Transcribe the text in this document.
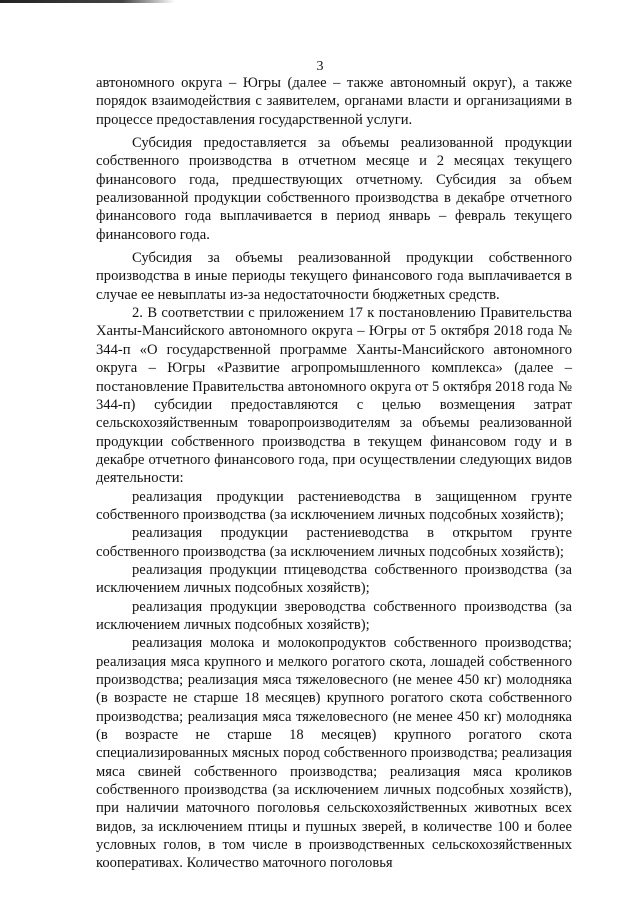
3

автономного округа – Югры (далее – также автономный округ), а также порядок взаимодействия с заявителем, органами власти и организациями в процессе предоставления государственной услуги.

Субсидия предоставляется за объемы реализованной продукции собственного производства в отчетном месяце и 2 месяцах текущего финансового года, предшествующих отчетному. Субсидия за объем реализованной продукции собственного производства в декабре отчетного финансового года выплачивается в период январь – февраль текущего финансового года.

Субсидия за объемы реализованной продукции собственного производства в иные периоды текущего финансового года выплачивается в случае ее невыплаты из-за недостаточности бюджетных средств.

2. В соответствии с приложением 17 к постановлению Правительства Ханты-Мансийского автономного округа – Югры от 5 октября 2018 года № 344-п «О государственной программе Ханты-Мансийского автономного округа – Югры «Развитие агропромышленного комплекса» (далее – постановление Правительства автономного округа от 5 октября 2018 года № 344-п) субсидии предоставляются с целью возмещения затрат сельскохозяйственным товаропроизводителям за объемы реализованной продукции собственного производства в текущем финансовом году и в декабре отчетного финансового года, при осуществлении следующих видов деятельности:

реализация продукции растениеводства в защищенном грунте собственного производства (за исключением личных подсобных хозяйств);

реализация продукции растениеводства в открытом грунте собственного производства (за исключением личных подсобных хозяйств);

реализация продукции птицеводства собственного производства (за исключением личных подсобных хозяйств);

реализация продукции звероводства собственного производства (за исключением личных подсобных хозяйств);

реализация молока и молокопродуктов собственного производства; реализация мяса крупного и мелкого рогатого скота, лошадей собственного производства; реализация мяса тяжеловесного (не менее 450 кг) молодняка (в возрасте не старше 18 месяцев) крупного рогатого скота собственного производства; реализация мяса тяжеловесного (не менее 450 кг) молодняка (в возрасте не старше 18 месяцев) крупного рогатого скота специализированных мясных пород собственного производства; реализация мяса свиней собственного производства; реализация мяса кроликов собственного производства (за исключением личных подсобных хозяйств), при наличии маточного поголовья сельскохозяйственных животных всех видов, за исключением птицы и пушных зверей, в количестве 100 и более условных голов, в том числе в производственных сельскохозяйственных кооперативах. Количество маточного поголовья
